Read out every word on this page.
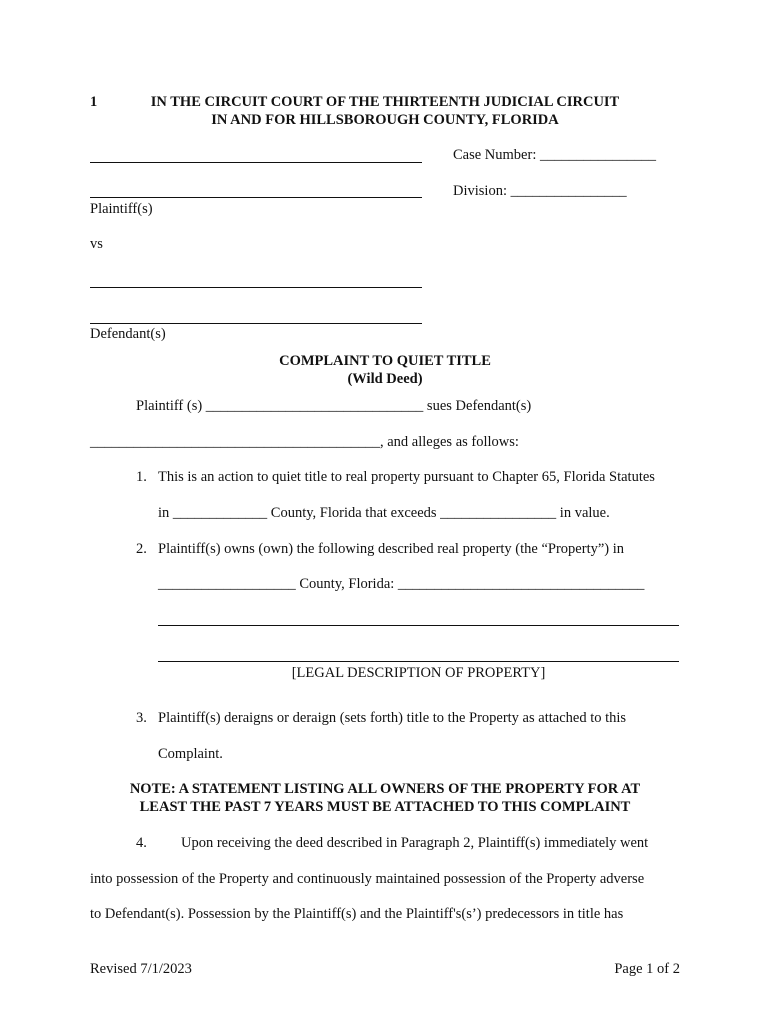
1	IN THE CIRCUIT COURT OF THE THIRTEENTH JUDICIAL CIRCUIT
IN AND FOR HILLSBOROUGH COUNTY, FLORIDA
Case Number: ________________
Division: ________________
Plaintiff(s)
vs
Defendant(s)
COMPLAINT TO QUIET TITLE
(Wild Deed)
Plaintiff (s) ______________________________ sues Defendant(s)
________________________________________, and alleges as follows:
1. This is an action to quiet title to real property pursuant to Chapter 65, Florida Statutes
in _____________ County, Florida that exceeds ________________ in value.
2. Plaintiff(s) owns (own) the following described real property (the “Property”) in
___________________ County, Florida: __________________________________
[LEGAL DESCRIPTION OF PROPERTY]
3. Plaintiff(s) deraigns or deraign (sets forth) title to the Property as attached to this
Complaint.
NOTE: A STATEMENT LISTING ALL OWNERS OF THE PROPERTY FOR AT
LEAST THE PAST 7 YEARS MUST BE ATTACHED TO THIS COMPLAINT
4. Upon receiving the deed described in Paragraph 2, Plaintiff(s) immediately went
into possession of the Property and continuously maintained possession of the Property adverse
to Defendant(s). Possession by the Plaintiff(s) and the Plaintiff's(s’) predecessors in title has
Revised 7/1/2023	Page 1 of 2
